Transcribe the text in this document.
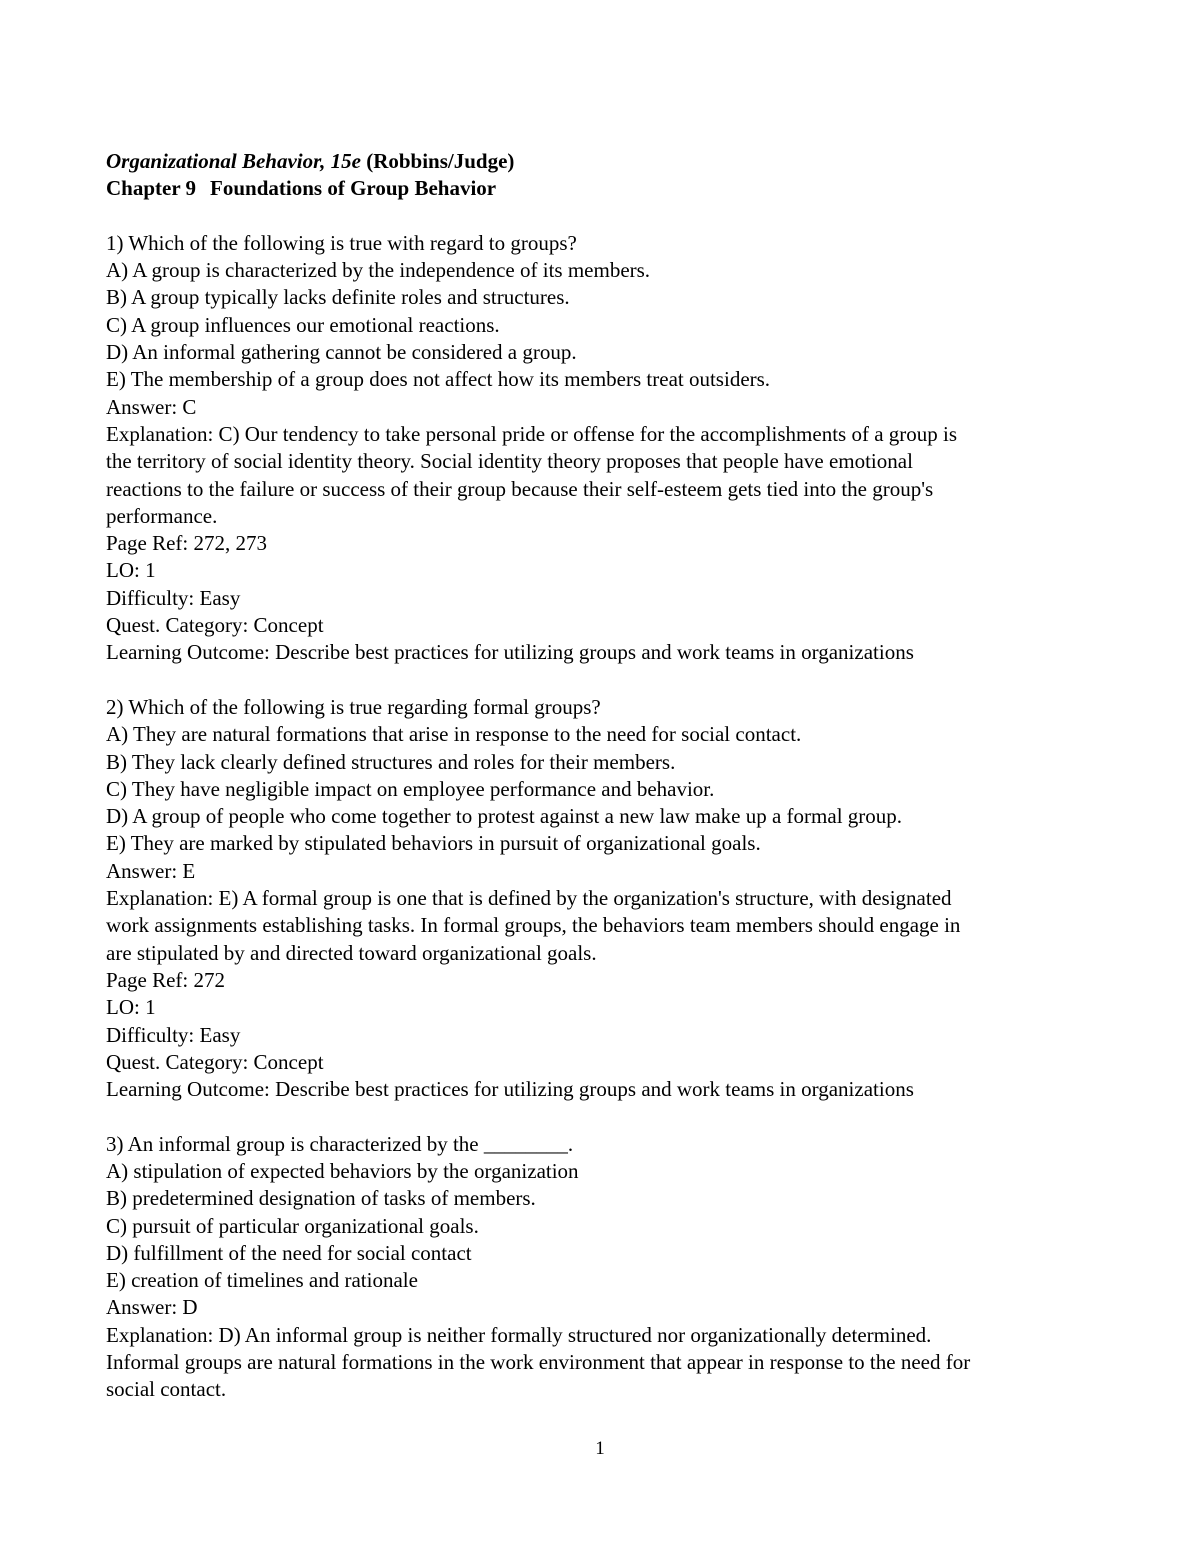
Organizational Behavior, 15e (Robbins/Judge)
Chapter 9 Foundations of Group Behavior
1) Which of the following is true with regard to groups?
A) A group is characterized by the independence of its members.
B) A group typically lacks definite roles and structures.
C) A group influences our emotional reactions.
D) An informal gathering cannot be considered a group.
E) The membership of a group does not affect how its members treat outsiders.
Answer: C
Explanation: C) Our tendency to take personal pride or offense for the accomplishments of a group is
the territory of social identity theory. Social identity theory proposes that people have emotional
reactions to the failure or success of their group because their self-esteem gets tied into the group's
performance.
Page Ref: 272, 273
LO: 1
Difficulty: Easy
Quest. Category: Concept
Learning Outcome: Describe best practices for utilizing groups and work teams in organizations
2) Which of the following is true regarding formal groups?
A) They are natural formations that arise in response to the need for social contact.
B) They lack clearly defined structures and roles for their members.
C) They have negligible impact on employee performance and behavior.
D) A group of people who come together to protest against a new law make up a formal group.
E) They are marked by stipulated behaviors in pursuit of organizational goals.
Answer: E
Explanation: E) A formal group is one that is defined by the organization's structure, with designated
work assignments establishing tasks. In formal groups, the behaviors team members should engage in
are stipulated by and directed toward organizational goals.
Page Ref: 272
LO: 1
Difficulty: Easy
Quest. Category: Concept
Learning Outcome: Describe best practices for utilizing groups and work teams in organizations
3) An informal group is characterized by the ________.
A) stipulation of expected behaviors by the organization
B) predetermined designation of tasks of members.
C) pursuit of particular organizational goals.
D) fulfillment of the need for social contact
E) creation of timelines and rationale
Answer: D
Explanation: D) An informal group is neither formally structured nor organizationally determined.
Informal groups are natural formations in the work environment that appear in response to the need for
social contact.
1
